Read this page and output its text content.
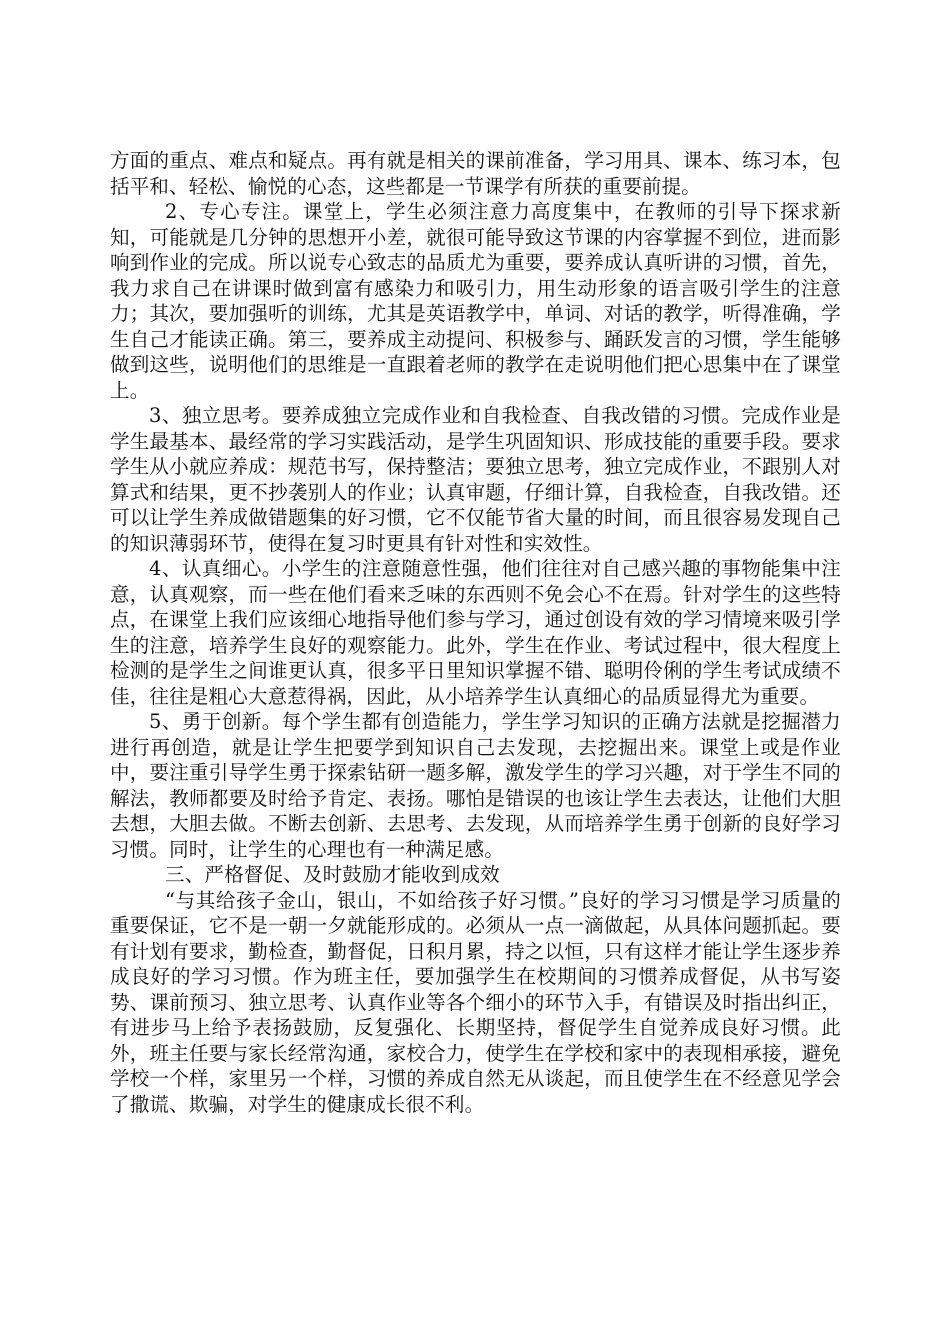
方面的重点、难点和疑点。再有就是相关的课前准备，学习用具、课本、练习本，包括平和、轻松、愉悦的心态，这些都是一节课学有所获的重要前提。

2、专心专注。课堂上，学生必须注意力高度集中，在教师的引导下探求新知，可能就是几分钟的思想开小差，就很可能导致这节课的内容掌握不到位，进而影响到作业的完成。所以说专心致志的品质尤为重要，要养成认真听讲的习惯，首先，我力求自己在讲课时做到富有感染力和吸引力，用生动形象的语言吸引学生的注意力；其次，要加强听的训练，尤其是英语教学中，单词、对话的教学，听得准确，学生自己才能读正确。第三，要养成主动提问、积极参与、踊跃发言的习惯，学生能够做到这些，说明他们的思维是一直跟着老师的教学在走说明他们把心思集中在了课堂上。

3、独立思考。要养成独立完成作业和自我检查、自我改错的习惯。完成作业是学生最基本、最经常的学习实践活动，是学生巩固知识、形成技能的重要手段。要求学生从小就应养成：规范书写，保持整洁；要独立思考，独立完成作业，不跟别人对算式和结果，更不抄袭别人的作业；认真审题，仔细计算，自我检查，自我改错。还可以让学生养成做错题集的好习惯，它不仅能节省大量的时间，而且很容易发现自己的知识薄弱环节，使得在复习时更具有针对性和实效性。

4、认真细心。小学生的注意随意性强，他们往往对自己感兴趣的事物能集中注意，认真观察，而一些在他们看来乏味的东西则不免会心不在焉。针对学生的这些特点，在课堂上我们应该细心地指导他们参与学习，通过创设有效的学习情境来吸引学生的注意，培养学生良好的观察能力。此外，学生在作业、考试过程中，很大程度上检测的是学生之间谁更认真，很多平日里知识掌握不错、聪明伶俐的学生考试成绩不佳，往往是粗心大意惹得祸，因此，从小培养学生认真细心的品质显得尤为重要。

5、勇于创新。每个学生都有创造能力，学生学习知识的正确方法就是挖掘潜力进行再创造，就是让学生把要学到知识自己去发现，去挖掘出来。课堂上或是作业中，要注重引导学生勇于探索钻研一题多解，激发学生的学习兴趣，对于学生不同的解法，教师都要及时给予肯定、表扬。哪怕是错误的也该让学生去表达，让他们大胆去想，大胆去做。不断去创新、去思考、去发现，从而培养学生勇于创新的良好学习习惯。同时，让学生的心理也有一种满足感。

三、严格督促、及时鼓励才能收到成效

“与其给孩子金山，银山，不如给孩子好习惯。”良好的学习习惯是学习质量的重要保证，它不是一朝一夕就能形成的。必须从一点一滴做起，从具体问题抓起。要有计划有要求，勤检查，勤督促，日积月累，持之以恒，只有这样才能让学生逐步养成良好的学习习惯。作为班主任，要加强学生在校期间的习惯养成督促，从书写姿势、课前预习、独立思考、认真作业等各个细小的环节入手，有错误及时指出纠正，有进步马上给予表扬鼓励，反复强化、长期坚持，督促学生自觉养成良好习惯。此外，班主任要与家长经常沟通，家校合力，使学生在学校和家中的表现相承接，避免学校一个样，家里另一个样，习惯的养成自然无从谈起，而且使学生在不经意见学会了撒谎、欺骗，对学生的健康成长很不利。
